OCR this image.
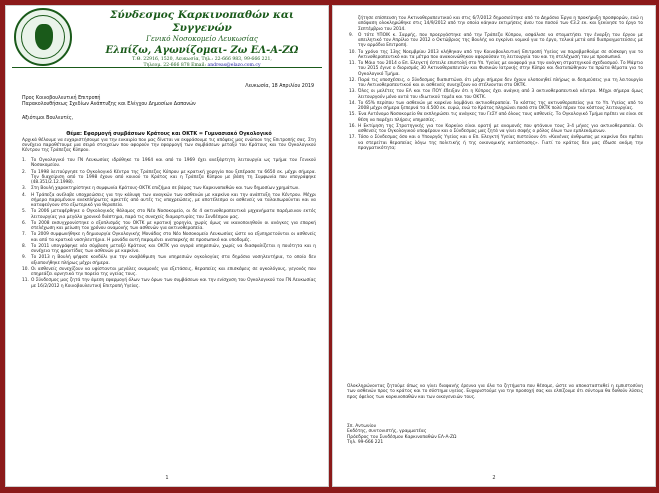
Σύνδεσμος Καρκινοπαθών και Συγγενών
Γενικό Νοσοκομείο Λευκωσίας
Ελπίζω, Αγωνίζομαι- Ζω ΕΛ-Α-ΖΩ
Τ.Θ. 22916, 1520, Λευκωσία, Τηλ.: 22-666 983, 99-666 221,
Τηλεομ. 22-666 878 Email: andreas@elazo.com.cy
Λευκωσία, 18 Απριλίου 2019
Προς Κοινοβουλευτική Επιτροπή
Παρακολουθήσεως Σχεδίων Ανάπτυξης και Ελέγχου Δημοσίων Δαπανών
Αξιότιμοι Βουλευτές,
Θέμα: Εφαρμογή συμβάσεων Κράτους και ΟΚΤΚ = Γυμνασιακό Ογκολογικό
Αρχικά θέλουμε να ευχαριστήσουμε για την ευκαιρία που μας δίνεται να εκφράσουμε τις απόψεις μας ενώπιον της Επιτροπής σας. Στη συνέχεια παραθέτουμε μια σειρά στοιχείων που αφορούν την εφαρμογή των συμβάσεων μεταξύ του Κράτους και του Ογκολογικού Κέντρου της Τράπεζας Κύπρου.
1.	Το Ογκολογικό του ΓΝ Λευκωσίας ιδρύθηκε το 1964 και από το 1969 έχει ανεξάρτητη λειτουργία ως τμήμα του Γενικού Νοσοκομείου.
2.	Το 1998 λειτούργησε το Ογκολογικό Κέντρο της Τράπεζας Κύπρου με κρατική χορηγία που ξεπέρασε τα 6650 εκ. μέχρι σήμερα. Την διαχείριση από το 1998 έχουν από κοινού το Κράτος και η Τράπεζα Κύπρου με βάση τη Συμφωνία που υπογράφηκε (48.351/2.12.1998).
3.	Στη Βουλή χαρακτηρίστηκε η συμφωνία Κράτους-ΟΚΤΚ επιζήμια σε βάρος των Καρκινοπαθών και των δημοσίων χρημάτων.
4.	Η Τράπεζα ανέλαβε υποχρεώσεις για την κάλυψη των αναγκών των ασθενών με καρκίνο και την ανάπτυξη του Κέντρου. Μέχρι σήμερα παραμένουν ανεκπλήρωτες αρκετές από αυτές τις υποχρεώσεις, με αποτέλεσμα οι ασθενείς να ταλαιπωρούνται και να καταφεύγουν στο εξωτερικό για θεραπεία.
5.	Το 2006 μεταφέρθηκε ο Ογκολογικός θάλαμος στο Νέο Νοσοκομείο, οι δε 4 ακτινοθεραπευτικά μηχανήματα παρέμειναν εκτός λειτουργίας για μεγάλο χρονικό διάστημα, παρά τις συνεχείς διαμαρτυρίες του Συνδέσμου μας.
6.	Το 2008 εκσυγχρονίστηκε ο εξοπλισμός του ΟΚΤΚ με κρατική χορηγία, χωρίς όμως να ικανοποιηθούν οι ανάγκες για επαρκή στελέχωση και μείωση του χρόνου αναμονής των ασθενών για ακτινοθεραπεία.
7.	Το 2009 συμφωνήθηκε η δημιουργία Ογκολογικής Μονάδας στο Νέο Νοσοκομείο Λευκωσίας ώστε να εξυπηρετούνται οι ασθενείς και από τα κρατικά νοσηλευτήρια. Η μονάδα αυτή παραμένει ανεπαρκής σε προσωπικό και υποδομές.
8.	Το 2011 υπογράφηκε νέα σύμβαση μεταξύ Κράτους και ΟΚΤΚ για αγορά υπηρεσιών, χωρίς να διασφαλίζεται η ποιότητα και η συνέχεια της φροντίδας των ασθενών με καρκίνο.
9.	Το 2013 η Βουλή ψήφισε κονδύλι για την αναβάθμιση των υπηρεσιών ογκολογίας στα δημόσια νοσηλευτήρια, το οποίο δεν αξιοποιήθηκε πλήρως μέχρι σήμερα.
10. Οι ασθενείς συνεχίζουν να υφίστανται μεγάλες αναμονές για εξετάσεις, θεραπείες και επισκέψεις σε ογκολόγους, γεγονός που επηρεάζει αρνητικά την πορεία της υγείας τους.
11. Ο Σύνδεσμος μας ζητά την άμεση εφαρμογή όλων των όρων των συμβάσεων και την ενίσχυση του Ογκολογικού του ΓΝ Λευκωσίας με 16/2/2012 η Κοινοβουλευτική Επιτροπή Υγείας.
1
ζήτησε επίσπευση του Ακτινοθεραπευτικού και στις 6/7/2012 δημοσιεύτηκε από το Δημόσια Έργα η προκήρυξη προσφορών, ενώ η απόφαση ολοκληρώθηκε στις 14/9/2012 από την οποία κάηκαν εκτιμήσεις άνευ του ποσού των €3.2 εκ. και ξεκίνησε το έργο το Σεπτέμβριο του 2014.
9.	Ο τότε ΥΠΟΙΚ κ. Σαρρής, που προεργάστηκε από την Τράπεζα Κύπρου, ασφάλισε να σταματήσει την έναρξη του έργου με απειλητικό τον Απρίλιο του 2012 ο Οκτώβριος της Βουλής να εγκρίνει νομικό για το έργο, τελικά μετά από διαπραγματεύσεις με την αρμόδια Επιτροπή.
10. Το χρόνο της 13ης Νοεμβρίου 2013 κλήθηκαν από την Κοινοβουλευτική Επιτροπή Υγείας να παραβρεθούμε σε σύσκεψη για το Ακτινοθεραπευτικό και τα μέτρα που ανακοινώθηκαν αφορούσαν τη λειτουργία του και τη στελέχωσή του με προσωπικό.
11. Το Μάιο του 2014 ο Επ. Ελεγκτή έστειλε επιστολή στο Υπ. Υγείας με αναφορά για την ανάγκη στρατηγικού σχεδιασμού. Το Μάρτιο του 2015 έγινε ο διορισμός 30 Ακτινοθεραπευτών και Φυσικών Ιατρικής στην Κύπρο και διατυπώθηκαν τα πρώτα θέματα για το Ογκολογικό Τμήμα.
12. Παρά τις υποσχέσεις, ο Σύνδεσμος διαπιστώνει ότι μέχρι σήμερα δεν έχουν υλοποιηθεί πλήρως οι δεσμεύσεις για τη λειτουργία του Ακτινοθεραπευτικού και οι ασθενείς συνεχίζουν να στέλνονται στο ΟΚΤΚ.
13. Όλες οι μελέτες του ΕΛ και του ΠΟΥ έδειξαν ότι η Κύπρος έχει ανάγκη από 3 ακτινοθεραπευτικά κέντρα. Μέχρι σήμερα όμως λειτουργούν μόνο αυτά του ιδιωτικού τομέα και του ΟΚΤΚ.
14. Το 65% περίπου των ασθενών με καρκίνο λαμβάνει ακτινοθεραπεία. Το κόστος της ακτινοθεραπείας για το Υπ. Υγείας από το 2008 μέχρι σήμερα ξεπερνά τα 4.500 εκ. ευρώ, ενώ το Κράτος πληρώνει ποσά στο ΟΚΤΚ πολύ πέραν του κόστους λειτουργίας.
15. Ένα Αυτόνομο Νοσοκομείο θα εκπληρώσει τις ανάγκες του ΓεΣΥ από όλους τους ασθενείς. Το Ογκολογικό Τμήμα πρέπει να είναι σε θέση να παρέχει πλήρεις υπηρεσίες.
16. Η Εκτίμηση της Στρατηγικής για τον Καρκίνο είναι ορατή με αναμονές που φτάνουν τους 3-4 μήνες για ακτινοθεραπεία. Οι ασθενείς του Ογκολογικού υποφέρουν και ο Σύνδεσμος μας ζητά να γίνει σαφής ο ρόλος όλων των εμπλεκόμενων.
17. Τόσο ο Σύνδεσμος όσο και ο Υπουργός Υγείας και ο Επ. Ελεγκτή Υγείας πιστεύουν ότι «Κανένας άνθρωπος με καρκίνο δεν πρέπει να στερείται θεραπείας λόγω της πολιτικής ή της οικονομικής κατάστασης». Γιατί το κράτος δεν μας έδωσε ακόμη την πραγματικότητα;
Ολοκληρώνοντας ζητούμε όπως να γίνει διαφανής έρευνα για όλα τα ζητήματα που θέσαμε, ώστε να αποκατασταθεί η εμπιστοσύνη των ασθενών προς το κράτος και το σύστημα υγείας. Ευχαριστούμε για την προσοχή σας και ελπίζουμε ότι σύντομα θα δοθούν λύσεις προς όφελος των καρκινοπαθών και των οικογενειών τους.
Σπ. Αντωνίου
Εκδότης, συντονιστής, γραμματέας
Πρόεδρος του Συνδέσμου Καρκινοπαθών ΕΛ-Α-ΖΩ
Τηλ. 99-666 221
2
